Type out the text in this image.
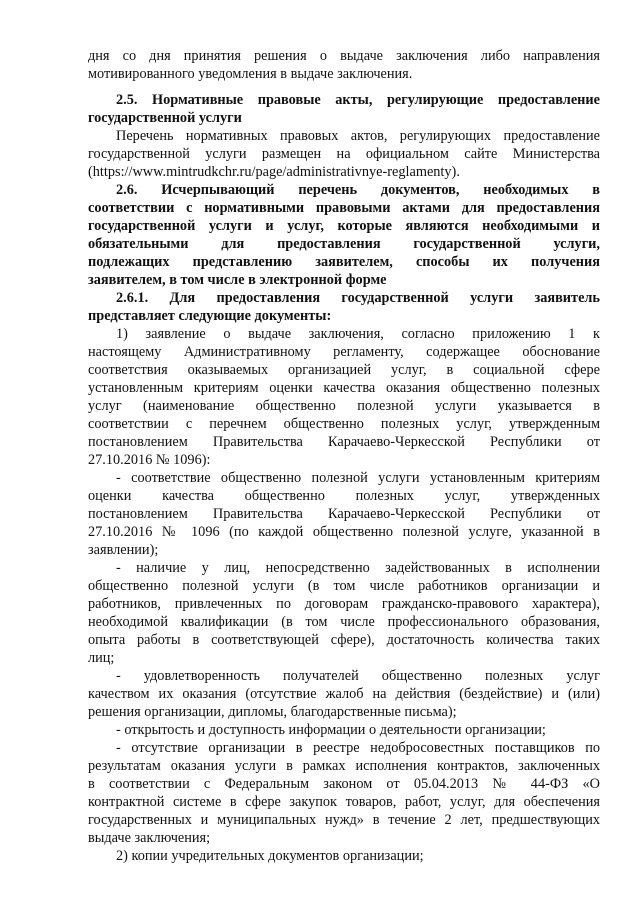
дня со дня принятия решения о выдаче заключения либо направления
мотивированного уведомления в выдаче заключения.
2.5. Нормативные правовые акты, регулирующие предоставление
государственной услуги
Перечень нормативных правовых актов, регулирующих предоставление
государственной услуги размещен на официальном сайте Министерства
(https://www.mintrudkchr.ru/page/administrativnye-reglamenty).
2.6. Исчерпывающий перечень документов, необходимых в
соответствии с нормативными правовыми актами для предоставления
государственной услуги и услуг, которые являются необходимыми и
обязательными для предоставления государственной услуги,
подлежащих представлению заявителем, способы их получения
заявителем, в том числе в электронной форме
2.6.1. Для предоставления государственной услуги заявитель
представляет следующие документы:
1) заявление о выдаче заключения, согласно приложению 1 к
настоящему Административному регламенту, содержащее обоснование
соответствия оказываемых организацией услуг, в социальной сфере
установленным критериям оценки качества оказания общественно полезных
услуг (наименование общественно полезной услуги указывается в
соответствии с перечнем общественно полезных услуг, утвержденным
постановлением Правительства Карачаево-Черкесской Республики от
27.10.2016 № 1096):
- соответствие общественно полезной услуги установленным критериям
оценки качества общественно полезных услуг, утвержденных
постановлением Правительства Карачаево-Черкесской Республики от
27.10.2016 № 1096 (по каждой общественно полезной услуге, указанной в
заявлении);
- наличие у лиц, непосредственно задействованных в исполнении
общественно полезной услуги (в том числе работников организации и
работников, привлеченных по договорам гражданско-правового характера),
необходимой квалификации (в том числе профессионального образования,
опыта работы в соответствующей сфере), достаточность количества таких
лиц;
- удовлетворенность получателей общественно полезных услуг
качеством их оказания (отсутствие жалоб на действия (бездействие) и (или)
решения организации, дипломы, благодарственные письма);
- открытость и доступность информации о деятельности организации;
- отсутствие организации в реестре недобросовестных поставщиков по
результатам оказания услуги в рамках исполнения контрактов, заключенных
в соответствии с Федеральным законом от 05.04.2013 № 44-ФЗ «О
контрактной системе в сфере закупок товаров, работ, услуг, для обеспечения
государственных и муниципальных нужд» в течение 2 лет, предшествующих
выдаче заключения;
2) копии учредительных документов организации;
